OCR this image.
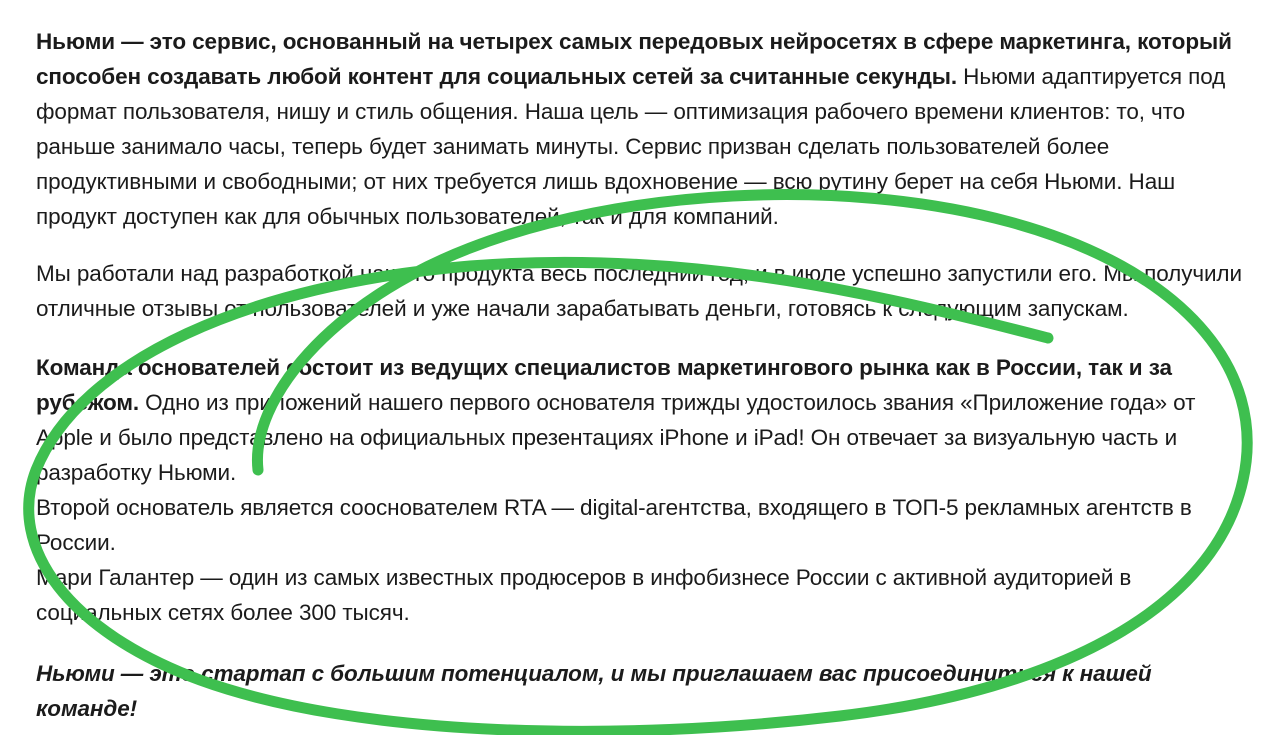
Ньюми — это сервис, основанный на четырех самых передовых нейросетях в сфере маркетинга, который способен создавать любой контент для социальных сетей за считанные секунды. Ньюми адаптируется под формат пользователя, нишу и стиль общения. Наша цель — оптимизация рабочего времени клиентов: то, что раньше занимало часы, теперь будет занимать минуты. Сервис призван сделать пользователей более продуктивными и свободными; от них требуется лишь вдохновение — всю рутину берет на себя Ньюми. Наш продукт доступен как для обычных пользователей, так и для компаний.

Мы работали над разработкой нашего продукта весь последний год, и в июле успешно запустили его. Мы получили отличные отзывы от пользователей и уже начали зарабатывать деньги, готовясь к следующим запускам.

Команда основателей состоит из ведущих специалистов маркетингового рынка как в России, так и за рубежом. Одно из приложений нашего первого основателя трижды удостоилось звания «Приложение года» от Apple и было представлено на официальных презентациях iPhone и iPad! Он отвечает за визуальную часть и разработку Ньюми.

Второй основатель является сооснователем RTA — digital-агентства, входящего в ТОП-5 рекламных агентств в России.

Мари Галантер — один из самых известных продюсеров в инфобизнесе России с активной аудиторией в социальных сетях более 300 тысяч.

Ньюми — это стартап с большим потенциалом, и мы приглашаем вас присоединиться к нашей команде!
